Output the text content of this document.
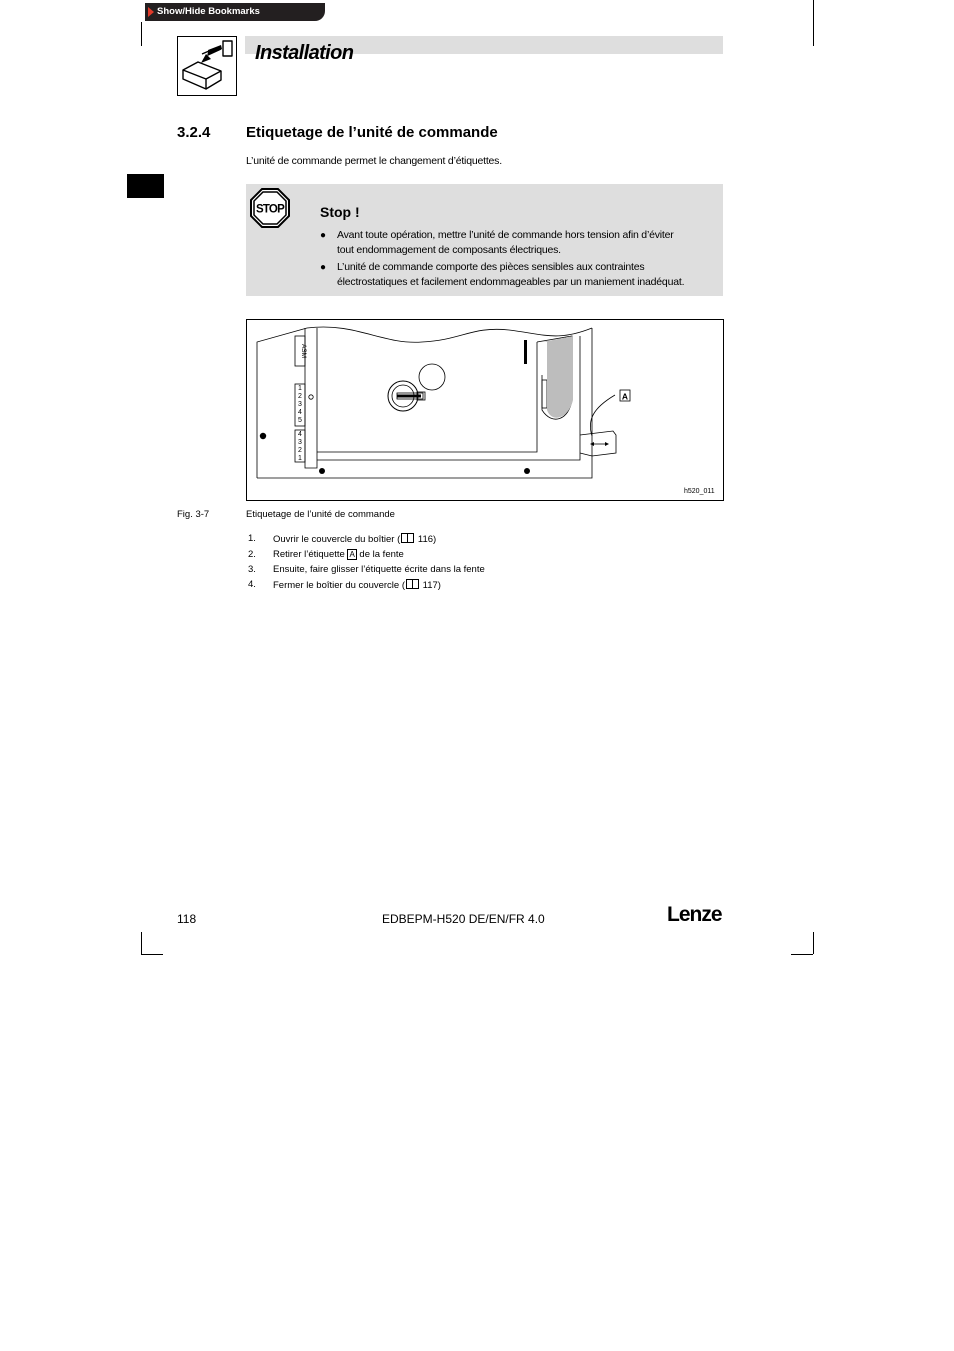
Show/Hide Bookmarks
Installation
3.2.4 Etiquetage de l’unité de commande
L’unité de commande permet le changement d’étiquettes.
STOP	Stop !
● Avant toute opération, mettre l’unité de commande hors tension afin d’éviter
tout endommagement de composants électriques.
● L’unité de commande comporte des pièces sensibles aux contraintes
électrostatiques et facilement endommageables par un maniement inadéquat.
ASM
1
2
3
4
5
4
3
2
1
A
h520_011
Fig. 3-7	Etiquetage de l’unité de commande
1. Ouvrir le couvercle du boîtier ( 116)
2. Retirer l’étiquette A de la fente
3. Ensuite, faire glisser l’étiquette écrite dans la fente
4. Fermer le boîtier du couvercle ( 117)
118	EDBEPM-H520 DE/EN/FR 4.0	Lenze
